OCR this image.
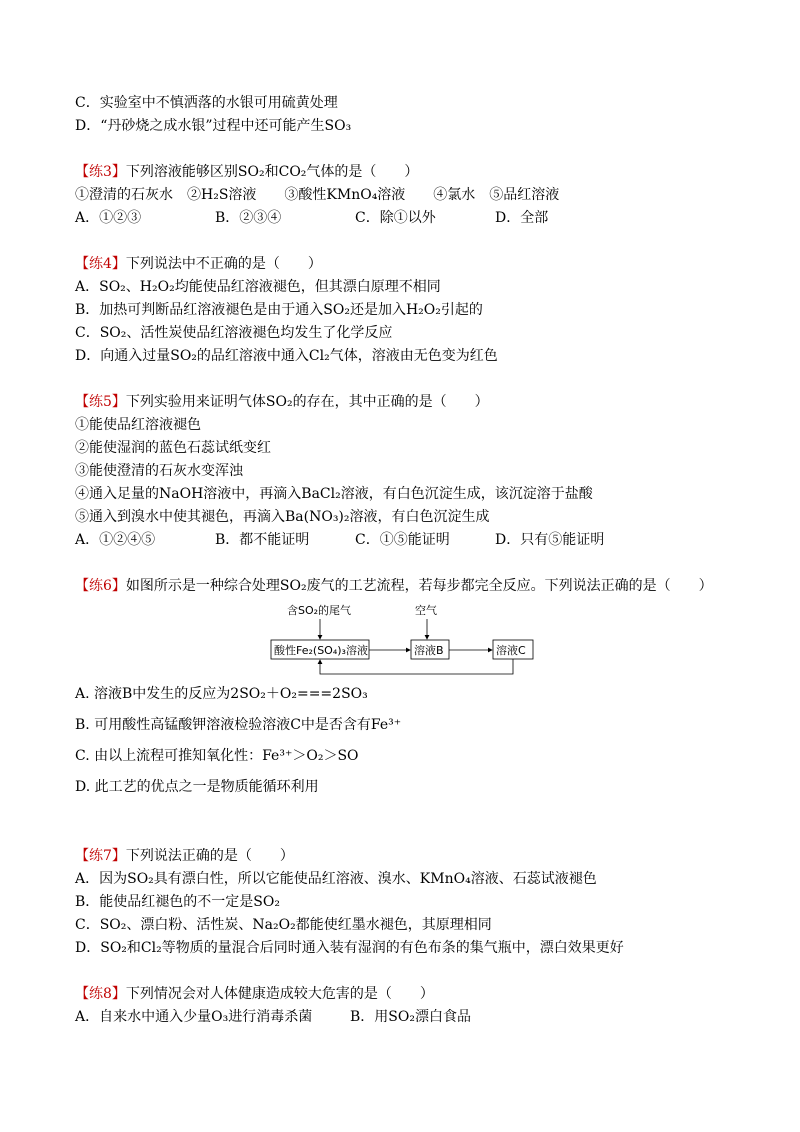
C．实验室中不慎洒落的水银可用硫黄处理
D．“丹砂烧之成水银”过程中还可能产生SO₃
【练3】下列溶液能够区别SO₂和CO₂气体的是（　　）
①澄清的石灰水　②H₂S溶液　　③酸性KMnO₄溶液　　④氯水　⑤品红溶液
A．①②③	B．②③④	C．除①以外	D．全部
【练4】下列说法中不正确的是（　　）
A．SO₂、H₂O₂均能使品红溶液褪色，但其漂白原理不相同
B．加热可判断品红溶液褪色是由于通入SO₂还是加入H₂O₂引起的
C．SO₂、活性炭使品红溶液褪色均发生了化学反应
D．向通入过量SO₂的品红溶液中通入Cl₂气体，溶液由无色变为红色
【练5】下列实验用来证明气体SO₂的存在，其中正确的是（　　）
①能使品红溶液褪色
②能使湿润的蓝色石蕊试纸变红
③能使澄清的石灰水变浑浊
④通入足量的NaOH溶液中，再滴入BaCl₂溶液，有白色沉淀生成，该沉淀溶于盐酸
⑤通入到溴水中使其褪色，再滴入Ba(NO₃)₂溶液，有白色沉淀生成
A．①②④⑤	B．都不能证明	C．①⑤能证明	D．只有⑤能证明
【练6】如图所示是一种综合处理SO₂废气的工艺流程，若每步都完全反应。下列说法正确的是（　　）
含SO₂的尾气	空气
酸性Fe₂(SO₄)₃溶液	溶液B	溶液C
A. 溶液B中发生的反应为2SO₂＋O₂===2SO₃
B. 可用酸性高锰酸钾溶液检验溶液C中是否含有Fe³⁺
C. 由以上流程可推知氧化性：Fe³⁺＞O₂＞SO
D. 此工艺的优点之一是物质能循环利用
【练7】下列说法正确的是（　　）
A．因为SO₂具有漂白性，所以它能使品红溶液、溴水、KMnO₄溶液、石蕊试液褪色
B．能使品红褪色的不一定是SO₂
C．SO₂、漂白粉、活性炭、Na₂O₂都能使红墨水褪色，其原理相同
D．SO₂和Cl₂等物质的量混合后同时通入装有湿润的有色布条的集气瓶中，漂白效果更好
【练8】下列情况会对人体健康造成较大危害的是（　　）
A．自来水中通入少量O₃进行消毒杀菌	B．用SO₂漂白食品
